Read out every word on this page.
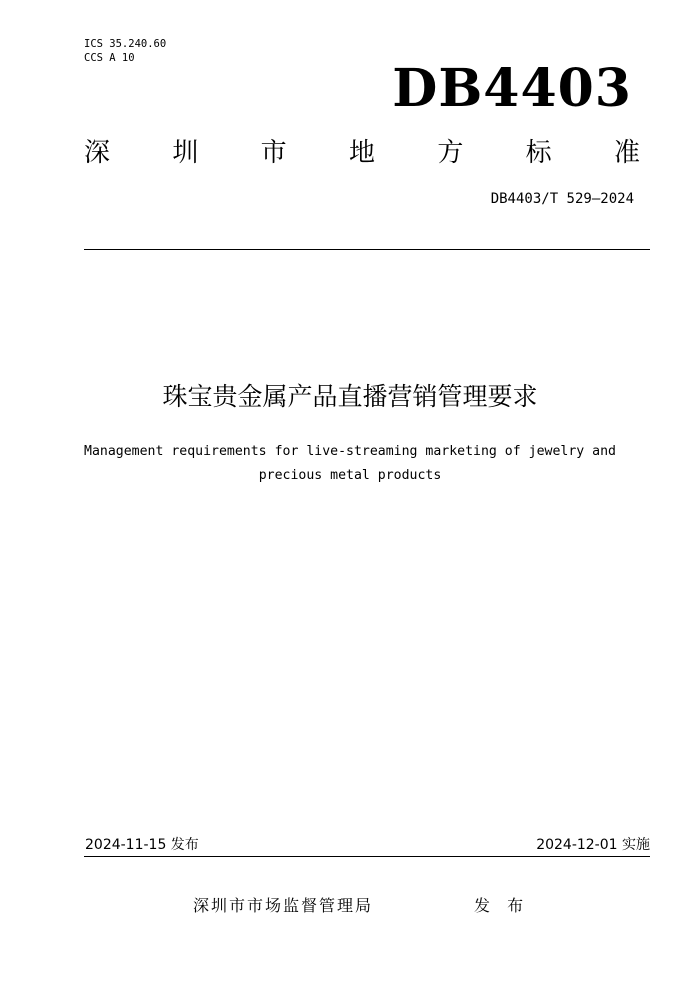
ICS 35.240.60
CCS A 10	DB4403
深 圳 市 地 方 标 准
DB4403/T 529—2024
珠宝贵金属产品直播营销管理要求
Management requirements for live-streaming marketing of jewelry and
precious metal products
2024-11-15 发布	2024-12-01 实施
深圳市市场监督管理局	发 布
